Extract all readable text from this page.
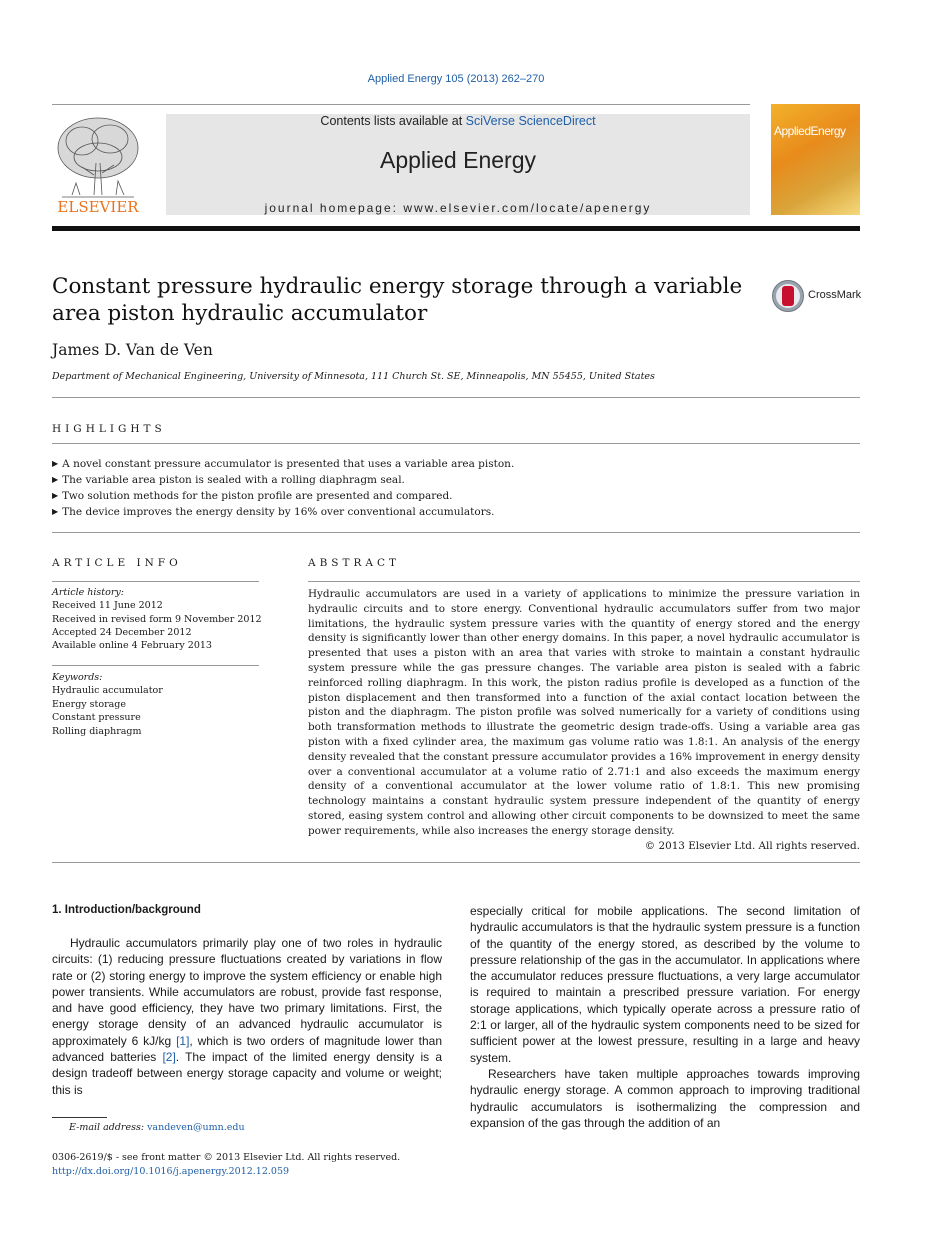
Applied Energy 105 (2013) 262–270
ELSEVIER
Contents lists available at SciVerse ScienceDirect
Applied Energy
journal homepage: www.elsevier.com/locate/apenergy
AppliedEnergy
Constant pressure hydraulic energy storage through a variable area piston hydraulic accumulator
CrossMark
James D. Van de Ven
Department of Mechanical Engineering, University of Minnesota, 111 Church St. SE, Minneapolis, MN 55455, United States
HIGHLIGHTS
▶ A novel constant pressure accumulator is presented that uses a variable area piston.
▶ The variable area piston is sealed with a rolling diaphragm seal.
▶ Two solution methods for the piston profile are presented and compared.
▶ The device improves the energy density by 16% over conventional accumulators.
ARTICLE INFO
Article history:
Received 11 June 2012
Received in revised form 9 November 2012
Accepted 24 December 2012
Available online 4 February 2013
Keywords:
Hydraulic accumulator
Energy storage
Constant pressure
Rolling diaphragm
ABSTRACT
Hydraulic accumulators are used in a variety of applications to minimize the pressure variation in hydraulic circuits and to store energy. Conventional hydraulic accumulators suffer from two major limitations, the hydraulic system pressure varies with the quantity of energy stored and the energy density is significantly lower than other energy domains. In this paper, a novel hydraulic accumulator is presented that uses a piston with an area that varies with stroke to maintain a constant hydraulic system pressure while the gas pressure changes. The variable area piston is sealed with a fabric reinforced rolling diaphragm. In this work, the piston radius profile is developed as a function of the piston displacement and then transformed into a function of the axial contact location between the piston and the diaphragm. The piston profile was solved numerically for a variety of conditions using both transformation methods to illustrate the geometric design trade-offs. Using a variable area gas piston with a fixed cylinder area, the maximum gas volume ratio was 1.8:1. An analysis of the energy density revealed that the constant pressure accumulator provides a 16% improvement in energy density over a conventional accumulator at a volume ratio of 2.71:1 and also exceeds the maximum energy density of a conventional accumulator at the lower volume ratio of 1.8:1. This new promising technology maintains a constant hydraulic system pressure independent of the quantity of energy stored, easing system control and allowing other circuit components to be downsized to meet the same power requirements, while also increases the energy storage density.
© 2013 Elsevier Ltd. All rights reserved.
1. Introduction/background
Hydraulic accumulators primarily play one of two roles in hydraulic circuits: (1) reducing pressure fluctuations created by variations in flow rate or (2) storing energy to improve the system efficiency or enable high power transients. While accumulators are robust, provide fast response, and have good efficiency, they have two primary limitations. First, the energy storage density of an advanced hydraulic accumulator is approximately 6 kJ/kg [1], which is two orders of magnitude lower than advanced batteries [2]. The impact of the limited energy density is a design tradeoff between energy storage capacity and volume or weight; this is
especially critical for mobile applications. The second limitation of hydraulic accumulators is that the hydraulic system pressure is a function of the quantity of the energy stored, as described by the volume to pressure relationship of the gas in the accumulator. In applications where the accumulator reduces pressure fluctuations, a very large accumulator is required to maintain a prescribed pressure variation. For energy storage applications, which typically operate across a pressure ratio of 2:1 or larger, all of the hydraulic system components need to be sized for sufficient power at the lowest pressure, resulting in a large and heavy system.
Researchers have taken multiple approaches towards improving hydraulic energy storage. A common approach to improving traditional hydraulic accumulators is isothermalizing the compression and expansion of the gas through the addition of an
E-mail address: vandeven@umn.edu
0306-2619/$ - see front matter © 2013 Elsevier Ltd. All rights reserved.
http://dx.doi.org/10.1016/j.apenergy.2012.12.059
